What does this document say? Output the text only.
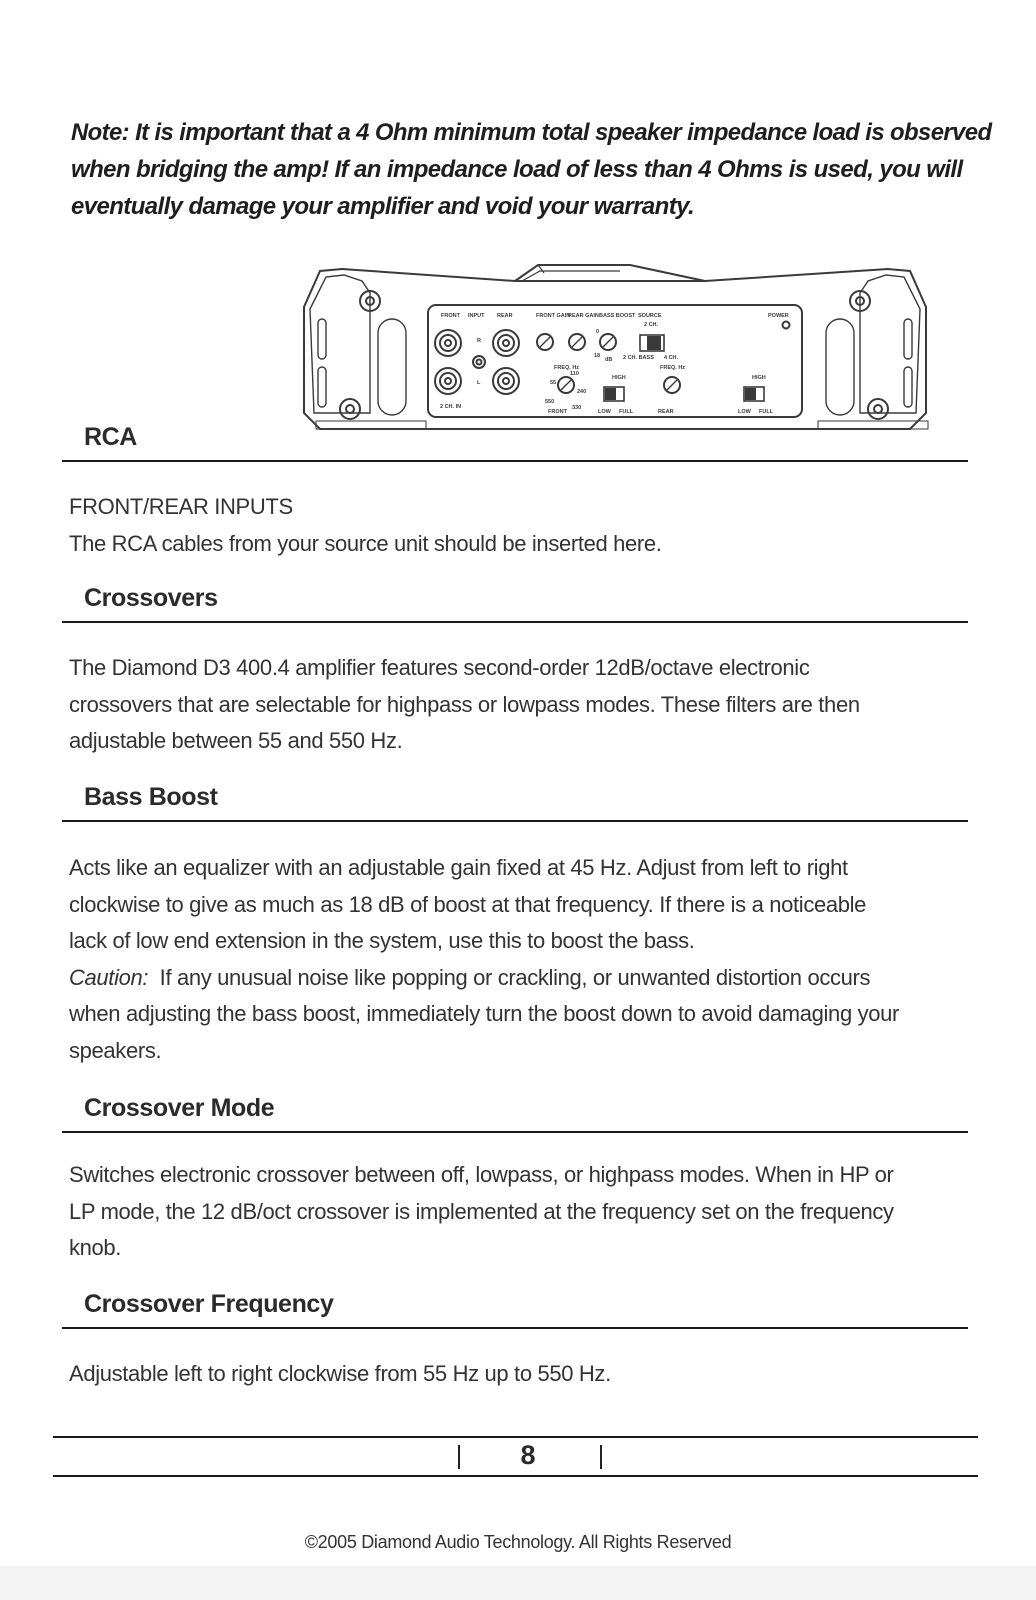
Note: It is important that a 4 Ohm minimum total speaker impedance load is observed
when bridging the amp! If an impedance load of less than 4 Ohms is used, you will
eventually damage your amplifier and void your warranty.
FRONT INPUT REAR	FRONT GAIN
REAR GAIN BASS BOOST SOURCE
2 CH.
POWER
R
L
2 CH. IN
0
18
dB 2 CH. BASS 4 CH.
FREQ. Hz	FREQ. Hz
HIGH	HIGH
LOW FULL	LOW FULL
FRONT	REAR
110
55
240
550
330
RCA
FRONT/REAR INPUTS
The RCA cables from your source unit should be inserted here.
Crossovers
The Diamond D3 400.4 amplifier features second-order 12dB/octave electronic
crossovers that are selectable for highpass or lowpass modes. These filters are then
adjustable between 55 and 550 Hz.
Bass Boost
Acts like an equalizer with an adjustable gain fixed at 45 Hz. Adjust from left to right
clockwise to give as much as 18 dB of boost at that frequency. If there is a noticeable
lack of low end extension in the system, use this to boost the bass.
Caution:  If any unusual noise like popping or crackling, or unwanted distortion occurs
when adjusting the bass boost, immediately turn the boost down to avoid damaging your
speakers.
Crossover Mode
Switches electronic crossover between off, lowpass, or highpass modes. When in HP or
LP mode, the 12 dB/oct crossover is implemented at the frequency set on the frequency
knob.
Crossover Frequency
Adjustable left to right clockwise from 55 Hz up to 550 Hz.
8
©2005 Diamond Audio Technology. All Rights Reserved
